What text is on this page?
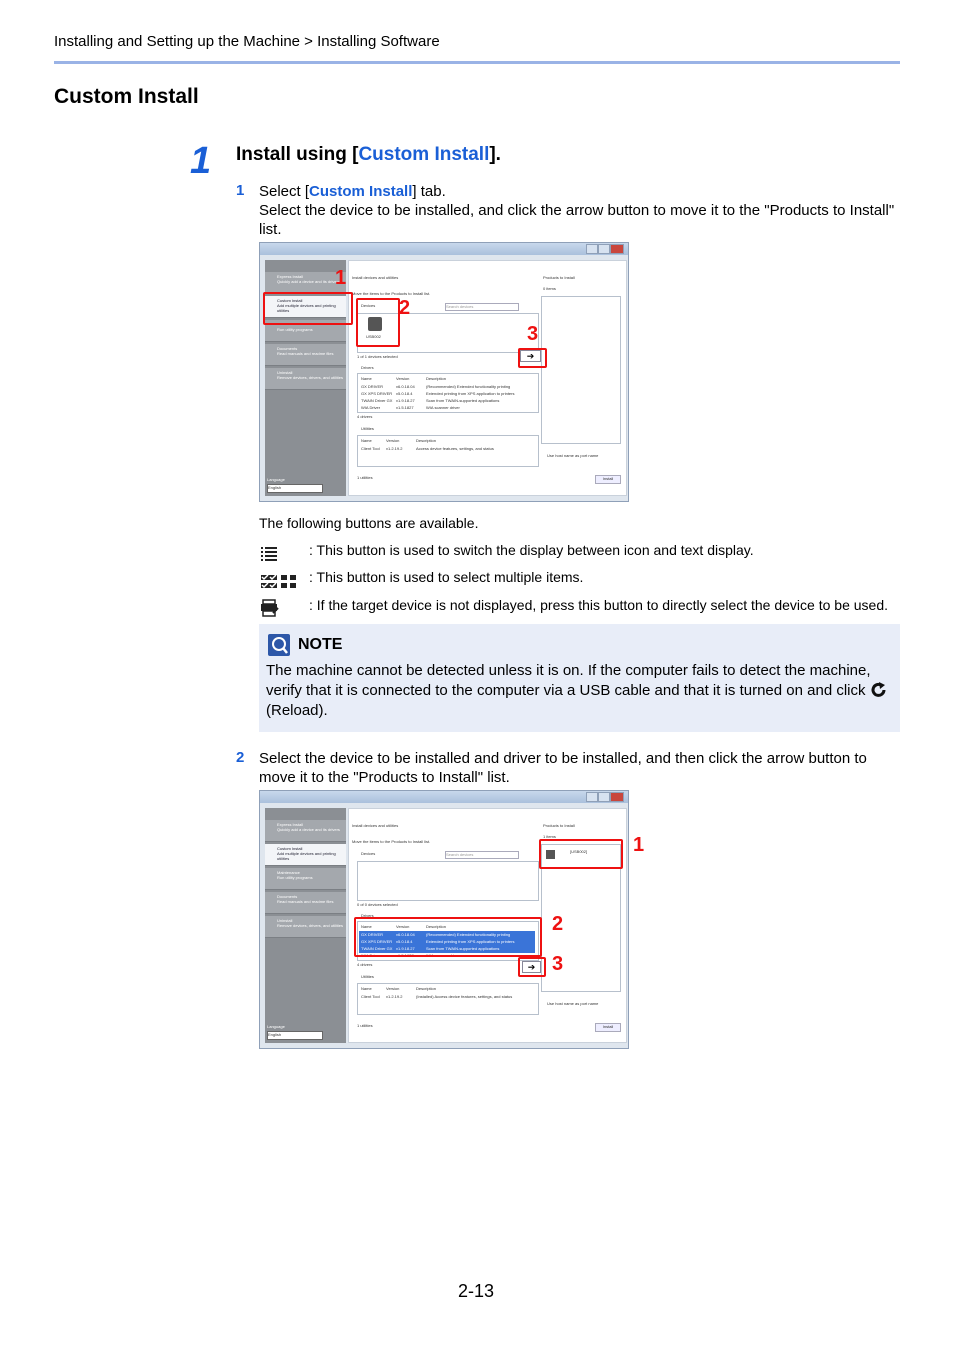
Installing and Setting up the Machine > Installing Software
Custom Install
1 Install using [Custom Install].
1 Select [Custom Install] tab.
Select the device to be installed, and click the arrow button to move it to the "Products to Install" list.
Express Install
Quickly add a device and its drivers
Custom Install
Add multiple devices and printing utilities

Run utility programs
Documents
Read manuals and readme files
Uninstall
Remove devices, drivers, and utilities
Language
English
Install devices and utilities
Move the items to the Products to Install list.
Devices	Search devices
USB002
1 of 1 devices selected
Drivers
Name	Version	Description
GX DRIVER	v6.0.18.04	(Recommended) Extended functionality printing
GX XPS DRIVER v5.0.18.4	Extended printing from XPS application to printers
TWAIN Driver GX v1.9.18.27	Scan from TWAIN-supported applications
WIA Driver	v1.5.1827	WIA scanner driver
4 drivers
Utilities
Name	Version	Description
Client Tool v1.2.19.2	Access device features, settings, and status
1 utilities
Products to Install
0 items
Use host name as port name
Install
➔
1
2
3
The following buttons are available.
: This button is used to switch the display between icon and text display.
: This button is used to select multiple items.
: If the target device is not displayed, press this button to directly select the device to be used.
NOTE
The machine cannot be detected unless it is on. If the computer fails to detect the machine, verify that it is connected to the computer via a USB cable and that it is turned on and click  (Reload).
2 Select the device to be installed and driver to be installed, and then click the arrow button to move it to the "Products to Install" list.
Express Install
Quickly add a device and its drivers
Custom Install
Add multiple devices and printing utilities
Maintenance
Run utility programs
Documents
Read manuals and readme files
Uninstall
Remove devices, drivers, and utilities
Language
English
Install devices and utilities
Move the items to the Products to Install list.
Devices	Search devices
0 of 0 devices selected
Drivers
Name	Version	Description
GX DRIVER	v6.0.18.04	(Recommended) Extended functionality printing
GX XPS DRIVER v5.0.18.4	Extended printing from XPS application to printers
TWAIN Driver GX v1.9.18.27	Scan from TWAIN-supported applications
WIA Driver	v1.5.1827	WIA scanner driver
4 drivers
Utilities
Name	Version	Description
Client Tool v1.2.19.2	(Installed) Access device features, settings, and status
1 utilities
Products to Install
1 items
[USB002]
Use host name as port name
Install
➔
1
2
3
2-13
